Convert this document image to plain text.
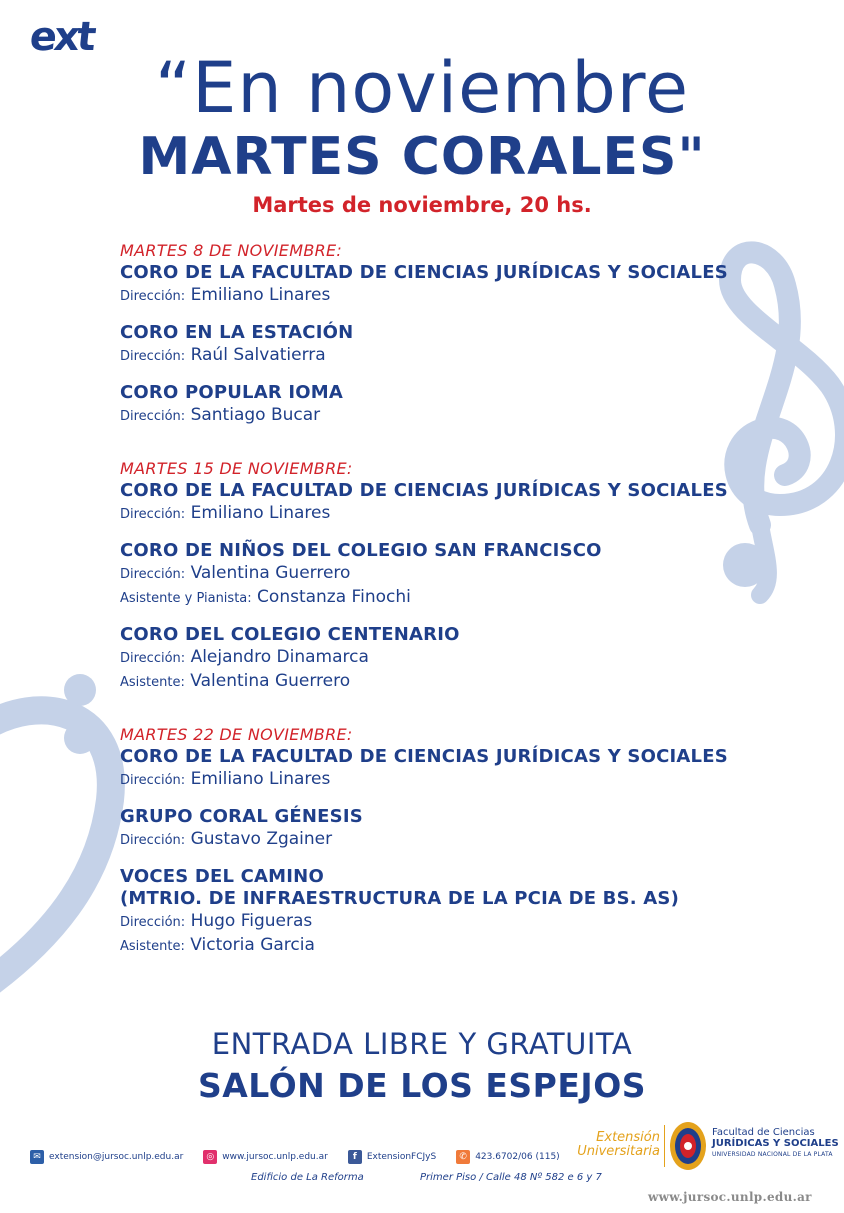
ext
“En noviembre
MARTES CORALES"
Martes de noviembre, 20 hs.
MARTES 8 DE NOVIEMBRE:
CORO DE LA FACULTAD DE CIENCIAS JURÍDICAS Y SOCIALES
Dirección: Emiliano Linares
CORO EN LA ESTACIÓN
Dirección: Raúl Salvatierra
CORO POPULAR IOMA
Dirección: Santiago Bucar
MARTES 15 DE NOVIEMBRE:
CORO DE LA FACULTAD DE CIENCIAS JURÍDICAS Y SOCIALES
Dirección: Emiliano Linares
CORO DE NIÑOS DEL COLEGIO SAN FRANCISCO
Dirección: Valentina Guerrero
Asistente y Pianista: Constanza Finochi
CORO DEL COLEGIO CENTENARIO
Dirección: Alejandro Dinamarca
Asistente: Valentina Guerrero
MARTES 22 DE NOVIEMBRE:
CORO DE LA FACULTAD DE CIENCIAS JURÍDICAS Y SOCIALES
Dirección: Emiliano Linares
GRUPO CORAL GÉNESIS
Dirección: Gustavo Zgainer
VOCES DEL CAMINO
(MTRIO. DE INFRAESTRUCTURA DE LA PCIA DE BS. AS)
Dirección: Hugo Figueras
Asistente: Victoria Garcia
ENTRADA LIBRE Y GRATUITA
SALÓN DE LOS ESPEJOS
✉ extension@jursoc.unlp.edu.ar	◎ www.jursoc.unlp.edu.ar	f	ExtensionFCJyS	✆ 423.6702/06 (115)
Edificio de La Reforma	Primer Piso / Calle 48 Nº 582 e 6 y 7
Extensión
Universitaria
Facultad de Ciencias
JURÍDICAS Y SOCIALES
UNIVERSIDAD NACIONAL DE LA PLATA
www.jursoc.unlp.edu.ar
